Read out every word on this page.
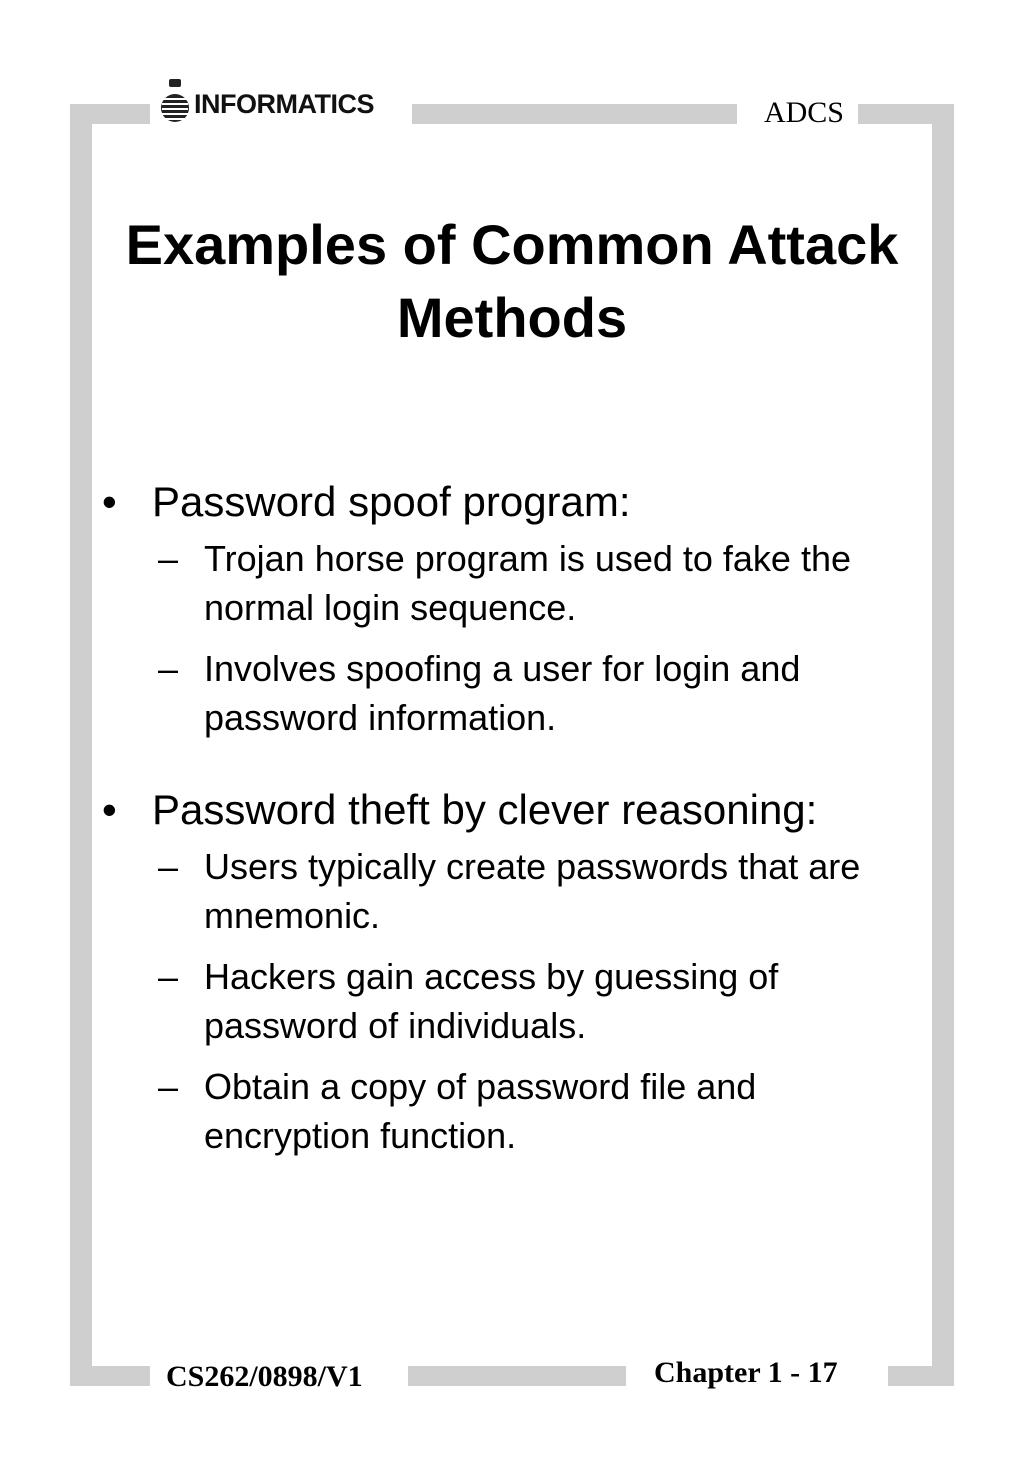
INFORMATICS	ADCS
Examples of Common Attack Methods
• Password spoof program:
– Trojan horse program is used to fake the normal login sequence.
– Involves spoofing a user for login and password information.
• Password theft by clever reasoning:
– Users typically create passwords that are mnemonic.
– Hackers gain access by guessing of password of individuals.
– Obtain a copy of password file and encryption function.
CS262/0898/V1	Chapter 1 - 17
